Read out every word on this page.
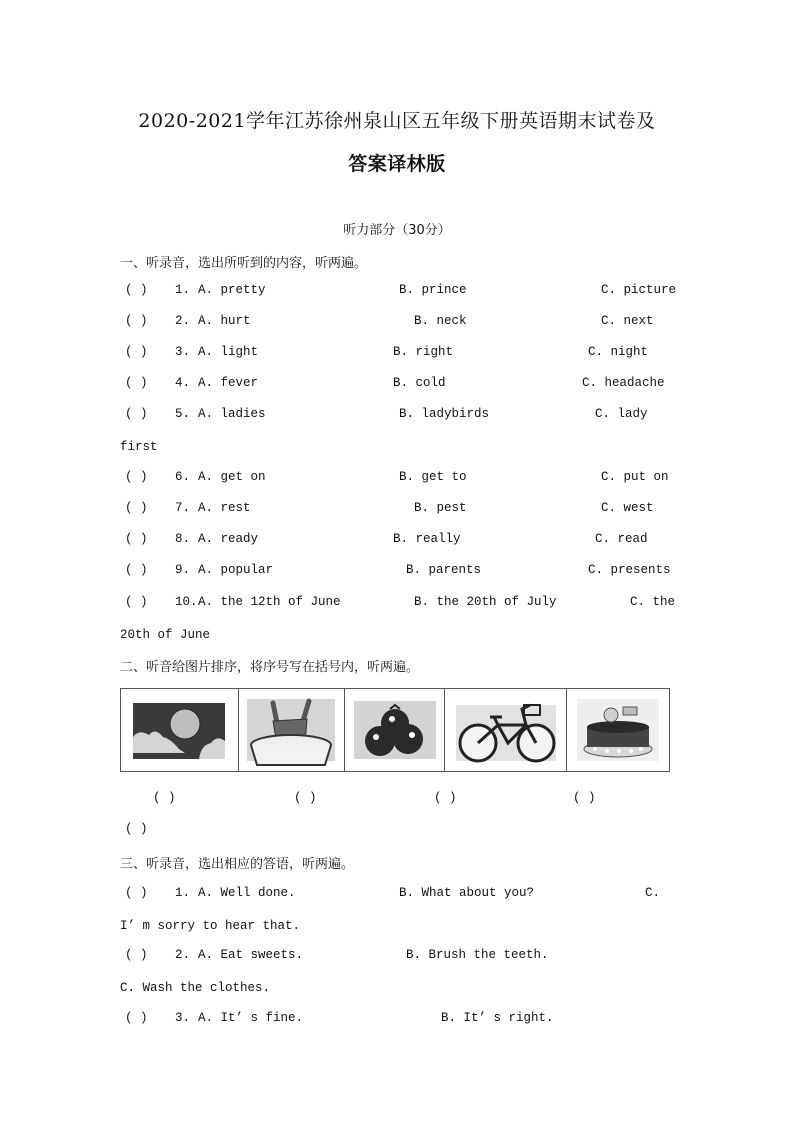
2020-2021学年江苏徐州泉山区五年级下册英语期末试卷及
答案译林版
听力部分（30分）
一、听录音，选出所听到的内容，听两遍。
( ) 1. A. pretty	B. prince	C. picture
( ) 2. A. hurt	B. neck	C. next
( ) 3. A. light	B. right	C. night
( ) 4. A. fever	B. cold	C. headache
( ) 5. A. ladies	B. ladybirds	C. lady
first
( ) 6. A. get on	B. get to	C. put on
( ) 7. A. rest	B. pest	C. west
( ) 8. A. ready	B. really	C. read
( ) 9. A. popular	B. parents	C. presents
( ) 10. A. the 12th of June	B. the 20th of July	C. the
20th of June
二、听音给图片排序，将序号写在括号内，听两遍。
( )	( )	( )	( )
( )
三、听录音，选出相应的答语，听两遍。
( ) 1. A. Well done.	B. What about you?	C.
I’ m sorry to hear that.
( ) 2. A. Eat sweets.	B. Brush the teeth.
C. Wash the clothes.
( ) 3. A. It’ s fine.	B. It’ s right.
